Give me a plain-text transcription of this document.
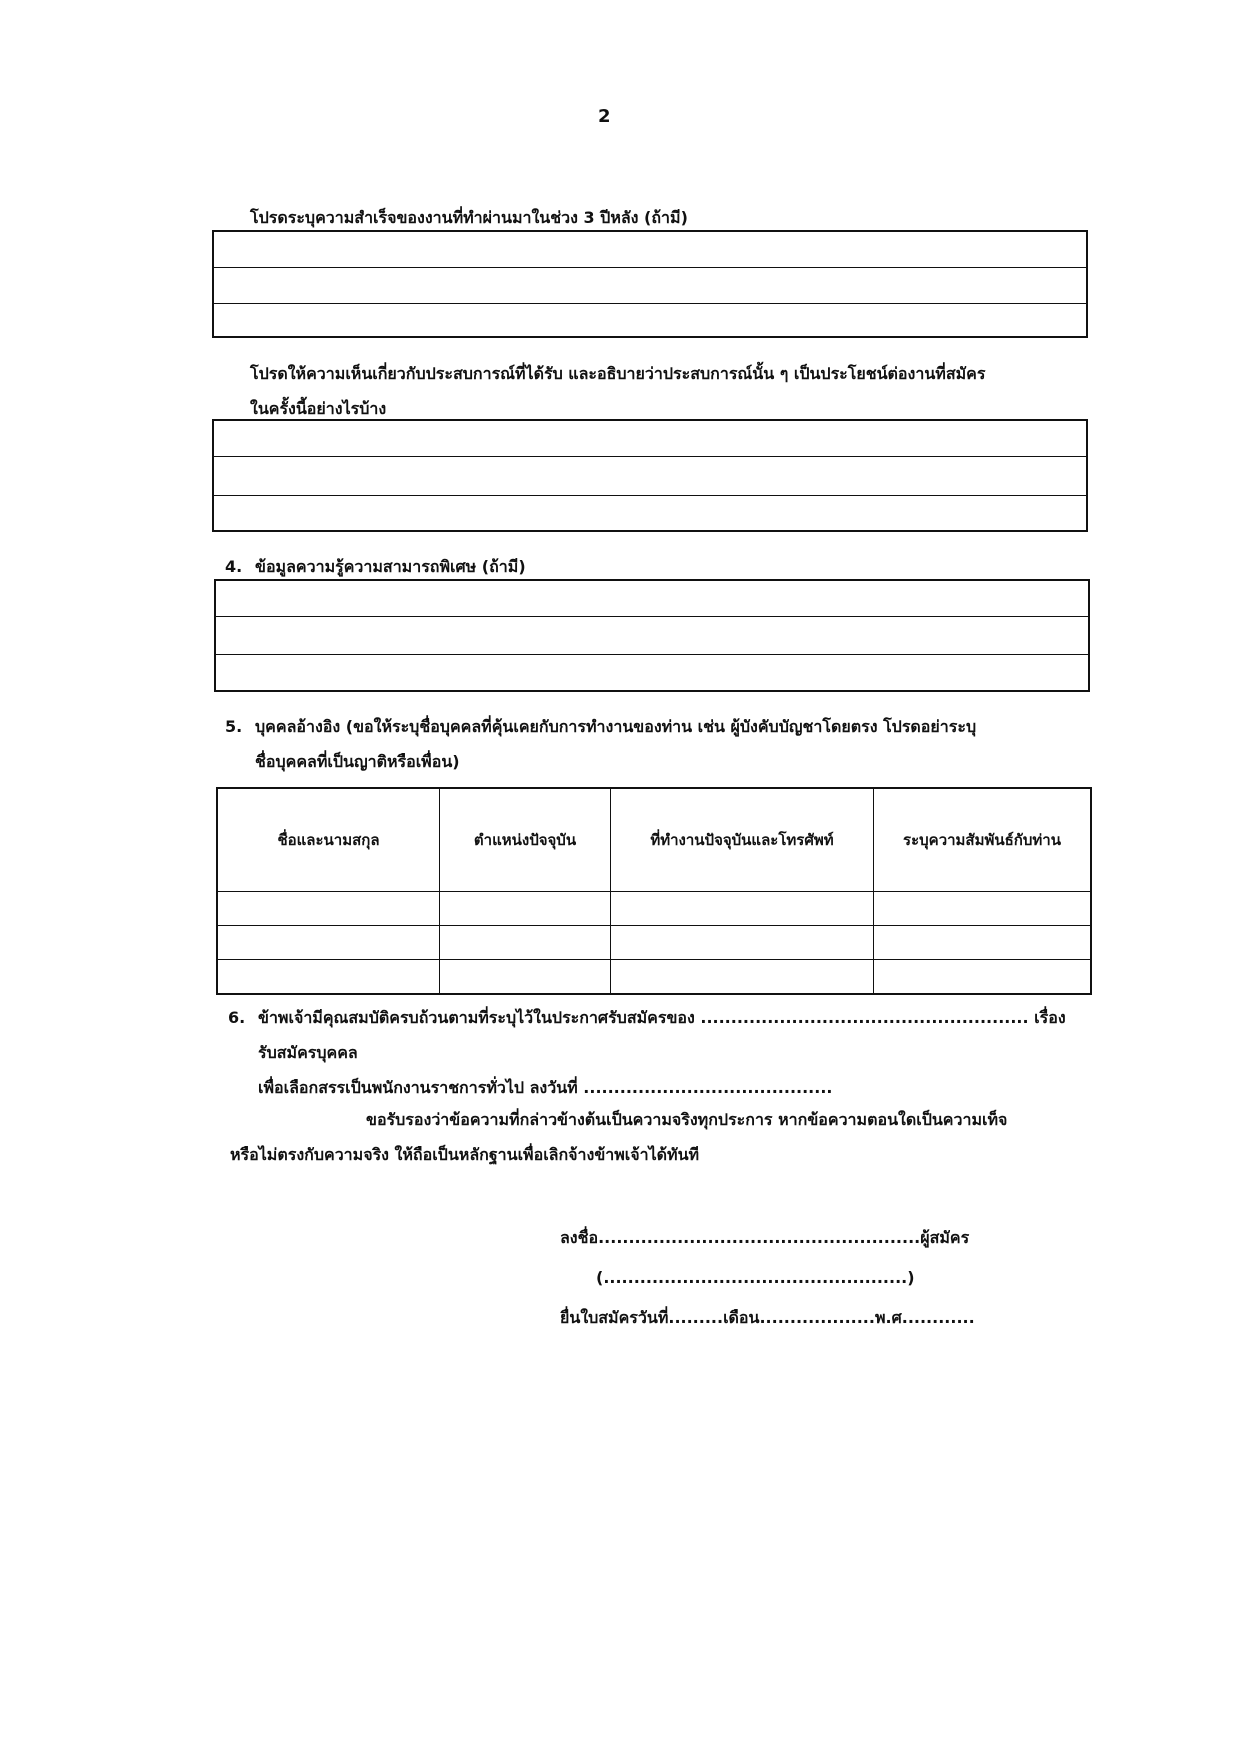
2
โปรดระบุความสำเร็จของงานที่ทำผ่านมาในช่วง 3 ปีหลัง (ถ้ามี)
โปรดให้ความเห็นเกี่ยวกับประสบการณ์ที่ได้รับ และอธิบายว่าประสบการณ์นั้น ๆ เป็นประโยชน์ต่องานที่สมัคร
ในครั้งนี้อย่างไรบ้าง
4. ข้อมูลความรู้ความสามารถพิเศษ (ถ้ามี)
5. บุคคลอ้างอิง (ขอให้ระบุชื่อบุคคลที่คุ้นเคยกับการทำงานของท่าน เช่น ผู้บังคับบัญชาโดยตรง โปรดอย่าระบุ
ชื่อบุคคลที่เป็นญาติหรือเพื่อน)
ชื่อและนามสกุล	ตำแหน่งปัจจุบัน	ที่ทำงานปัจจุบันและโทรศัพท์	ระบุความสัมพันธ์กับท่าน

6. ข้าพเจ้ามีคุณสมบัติครบถ้วนตามที่ระบุไว้ในประกาศรับสมัครของ ...................................................... เรื่อง รับสมัครบุคคล
เพื่อเลือกสรรเป็นพนักงานราชการทั่วไป ลงวันที่ .........................................
ขอรับรองว่าข้อความที่กล่าวข้างต้นเป็นความจริงทุกประการ หากข้อความตอนใดเป็นความเท็จ
หรือไม่ตรงกับความจริง ให้ถือเป็นหลักฐานเพื่อเลิกจ้างข้าพเจ้าได้ทันที
ลงชื่อ.....................................................ผู้สมัคร
(..................................................)
ยื่นใบสมัครวันที่.........เดือน...................พ.ศ............
